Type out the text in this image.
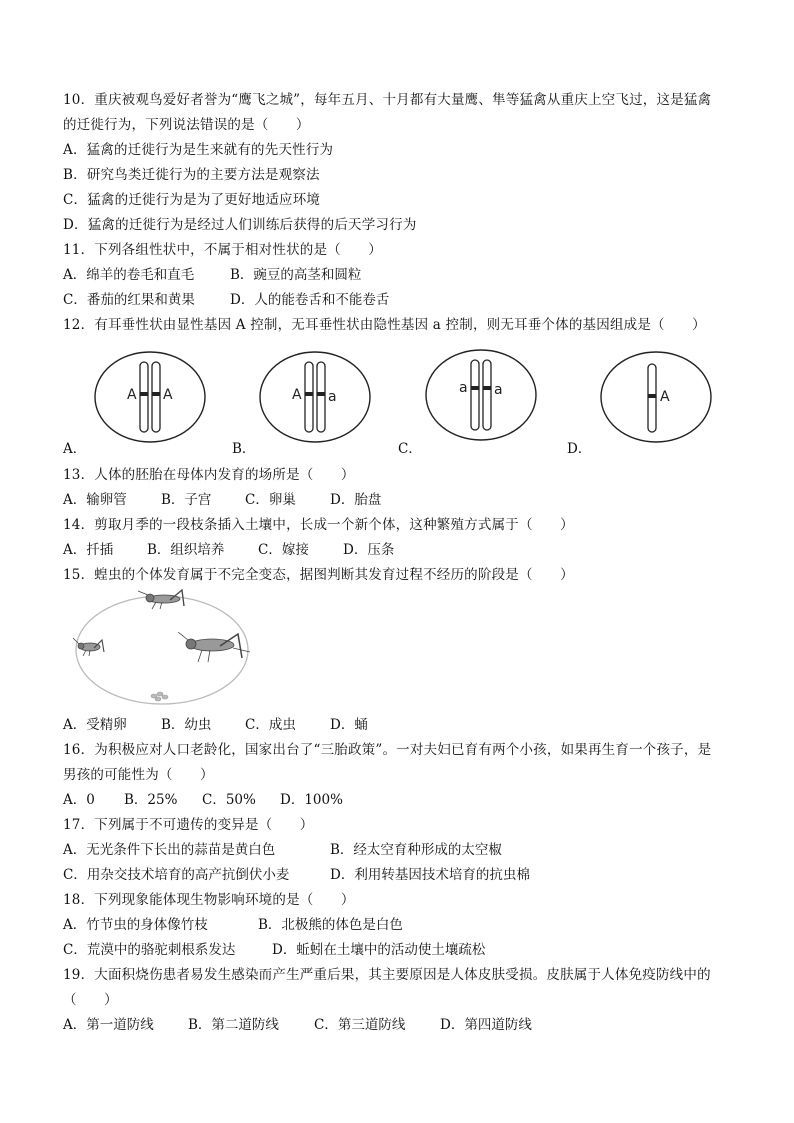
10．重庆被观鸟爱好者誉为“鹰飞之城”，每年五月、十月都有大量鹰、隼等猛禽从重庆上空飞过，这是猛禽
的迁徙行为，下列说法错误的是（　　）
A．猛禽的迁徙行为是生来就有的先天性行为
B．研究鸟类迁徙行为的主要方法是观察法
C．猛禽的迁徙行为是为了更好地适应环境
D．猛禽的迁徙行为是经过人们训练后获得的后天学习行为
11．下列各组性状中，不属于相对性状的是（　　）
A．绵羊的卷毛和直毛	B．豌豆的高茎和圆粒
C．番茄的红果和黄果	D．人的能卷舌和不能卷舌
12．有耳垂性状由显性基因 A 控制，无耳垂性状由隐性基因 a 控制，则无耳垂个体的基因组成是（　　）
A A
A．
A a
B．
a a
C．
A
D．
13．人体的胚胎在母体内发育的场所是（　　）
A．输卵管	B．子宫 C．卵巢	D．胎盘
14．剪取月季的一段枝条插入土壤中，长成一个新个体，这种繁殖方式属于（　　）
A．扦插	B．组织培养 C．嫁接	D．压条
15．蝗虫的个体发育属于不完全变态，据图判断其发育过程不经历的阶段是（　　）
A．受精卵	B．幼虫 C．成虫	D．蛹
16．为积极应对人口老龄化，国家出台了“三胎政策”。一对夫妇已育有两个小孩，如果再生育一个孩子，是
男孩的可能性为（　　）
A．0 B．25% C．50% D．100%
17．下列属于不可遗传的变异是（　　）
A．无光条件下长出的蒜苗是黄白色	B．经太空育种形成的太空椒
C．用杂交技术培育的高产抗倒伏小麦	D．利用转基因技术培育的抗虫棉
18．下列现象能体现生物影响环境的是（　　）
A．竹节虫的身体像竹枝	B．北极熊的体色是白色
C．荒漠中的骆驼刺根系发达	D．蚯蚓在土壤中的活动使土壤疏松
19．大面积烧伤患者易发生感染而产生严重后果，其主要原因是人体皮肤受损。皮肤属于人体免疫防线中的
（　　）
A．第一道防线	B．第二道防线	C．第三道防线	D．第四道防线
